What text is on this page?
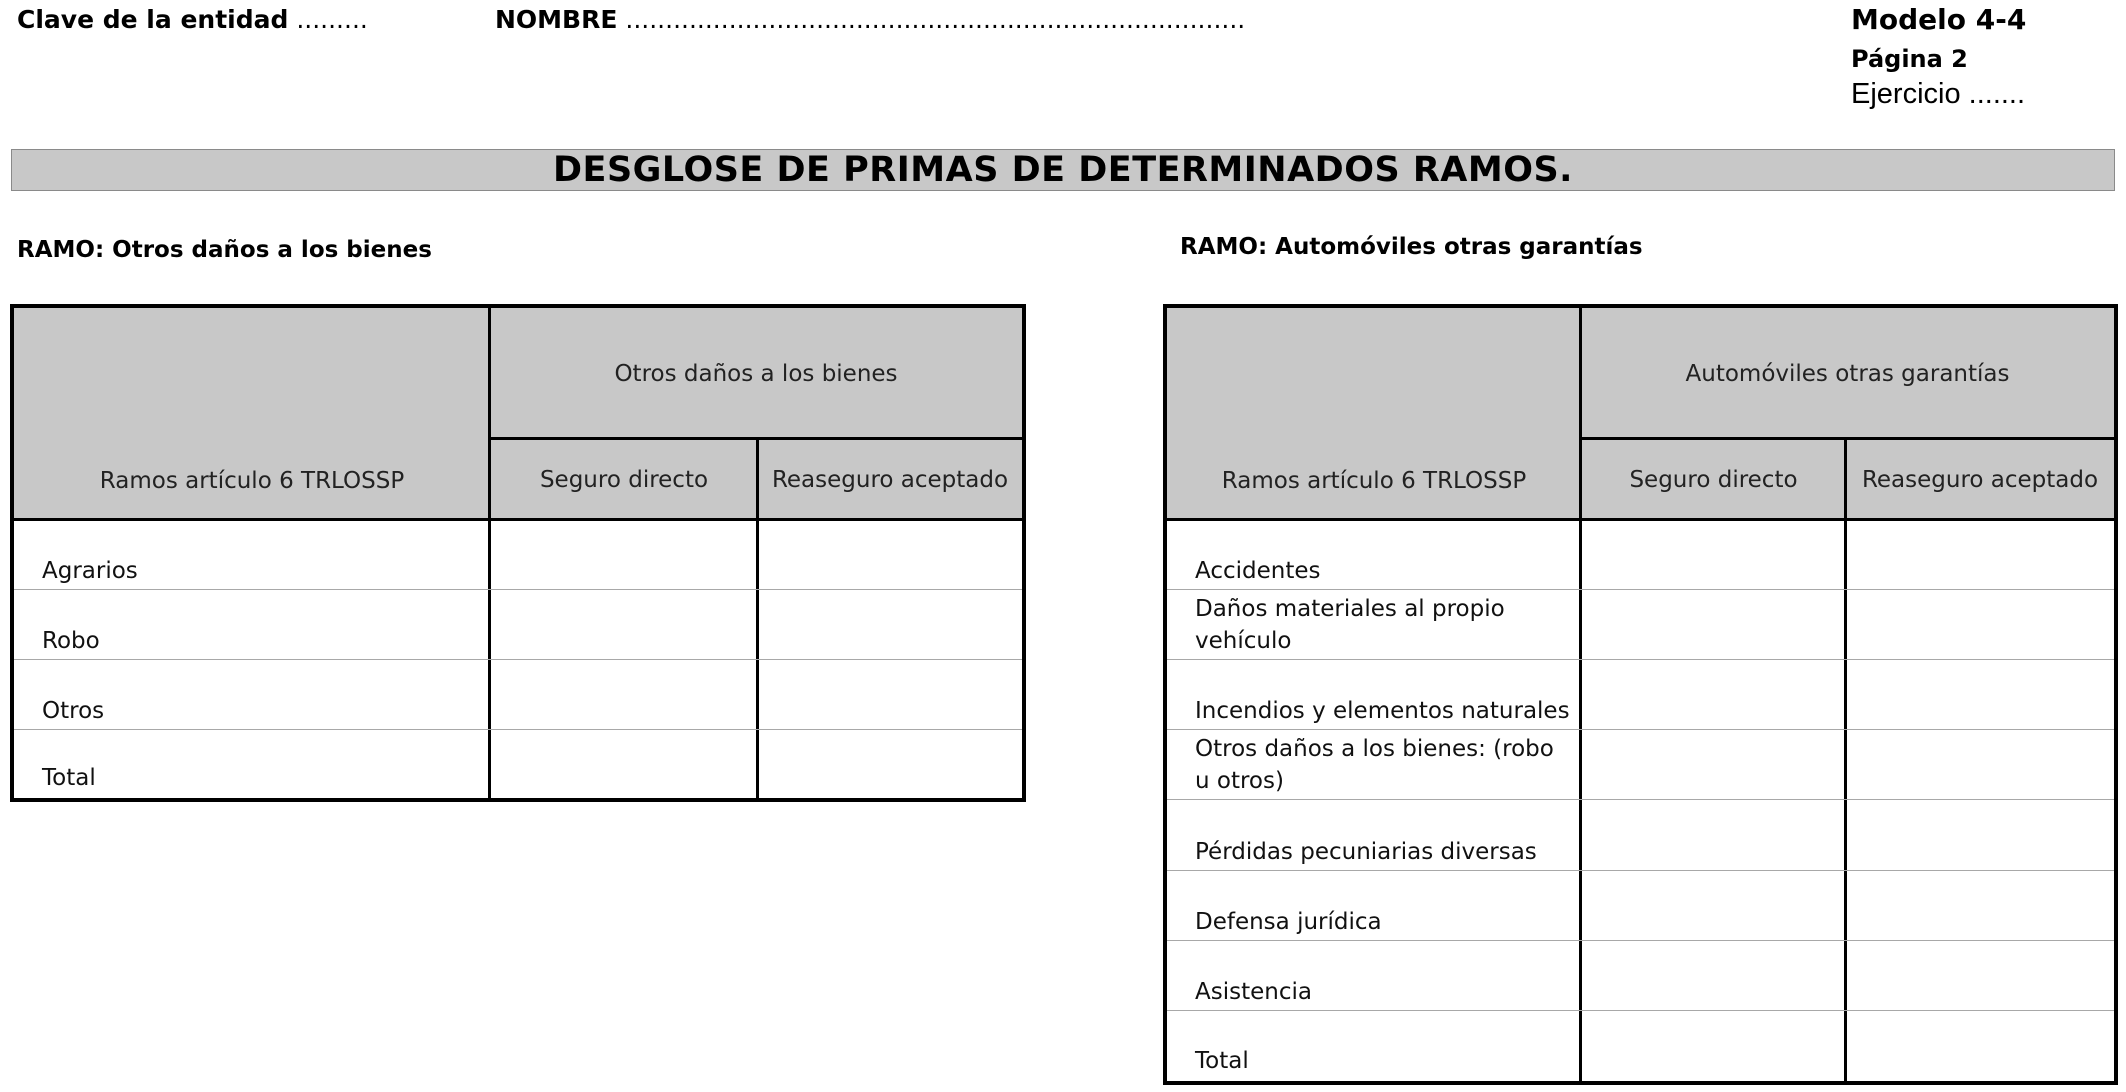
Clave de la entidad .........	NOMBRE ..............................................................................	Modelo 4-4
Página 2
Ejercicio .......
DESGLOSE DE PRIMAS DE DETERMINADOS RAMOS.
RAMO: Otros daños a los bienes	RAMO: Automóviles otras garantías
Ramos artículo 6 TRLOSSP
Otros daños a los bienes
Seguro directo	Reaseguro aceptado
Agrarios
Robo
Otros
Total
Ramos artículo 6 TRLOSSP
Automóviles otras garantías
Seguro directo	Reaseguro aceptado
Accidentes
Daños materiales al propio vehículo
Incendios y elementos naturales
Otros daños a los bienes: (robo u otros)
Pérdidas pecuniarias diversas
Defensa jurídica
Asistencia
Total
